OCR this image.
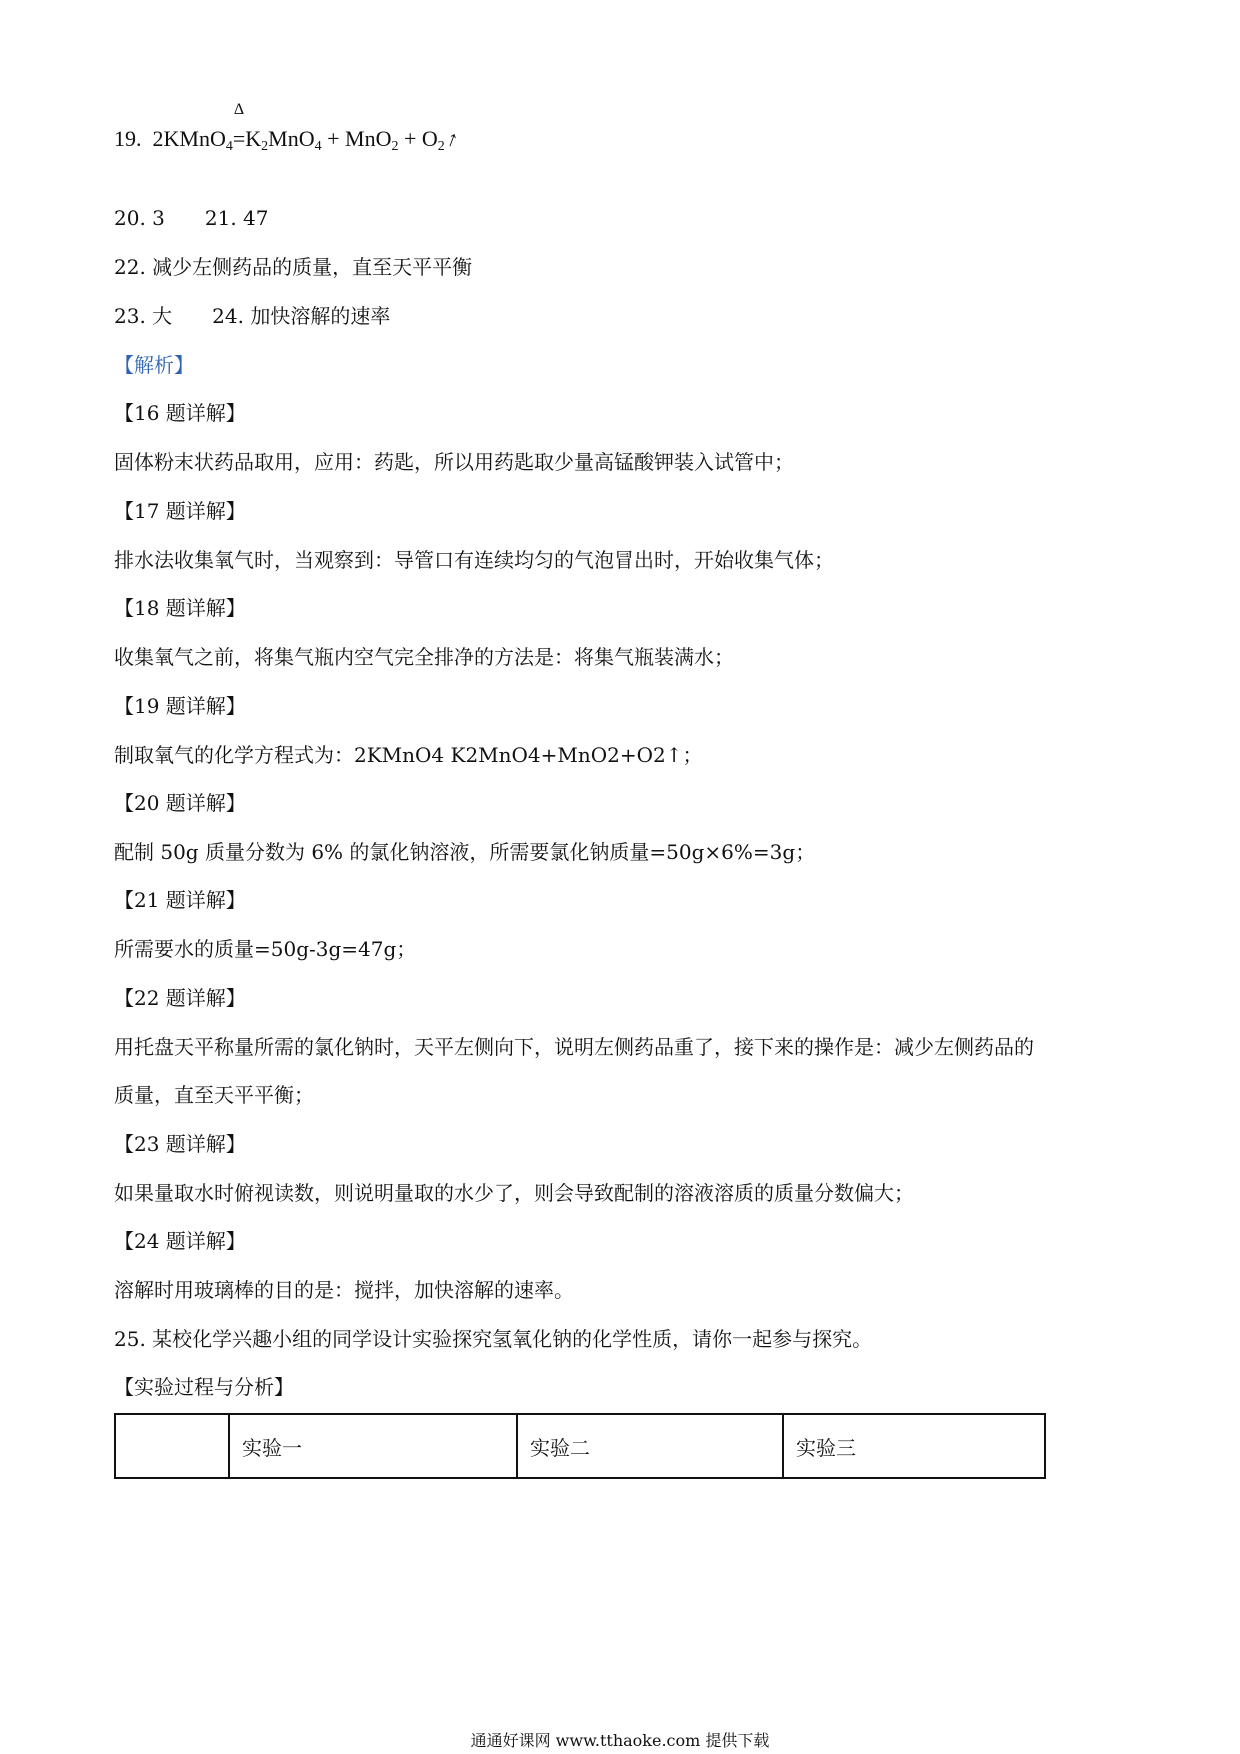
19. 2KMnO$_4$
Δ
$=K_2MnO_4 + MnO_2$ + $O_2↑$
20. 3 21. 47
22. 减少左侧药品的质量，直至天平平衡
23. 大 24. 加快溶解的速率
【解析】
【16 题详解】
固体粉末状药品取用，应用：药匙，所以用药匙取少量高锰酸钾装入试管中；
【17 题详解】
排水法收集氧气时，当观察到：导管口有连续均匀的气泡冒出时，开始收集气体；
【18 题详解】
收集氧气之前，将集气瓶内空气完全排净的方法是：将集气瓶装满水；
【19 题详解】
制取氧气的化学方程式为：2KMnO4 K2MnO4+MnO2+O2↑；
【20 题详解】
配制 50g 质量分数为 6% 的氯化钠溶液，所需要氯化钠质量=50g×6%=3g；
【21 题详解】
所需要水的质量=50g-3g=47g；
【22 题详解】
用托盘天平称量所需的氯化钠时，天平左侧向下，说明左侧药品重了，接下来的操作是：减少左侧药品的
质量，直至天平平衡；
【23 题详解】
如果量取水时俯视读数，则说明量取的水少了，则会导致配制的溶液溶质的质量分数偏大；
【24 题详解】
溶解时用玻璃棒的目的是：搅拌，加快溶解的速率。
25. 某校化学兴趣小组的同学设计实验探究氢氧化钠的化学性质，请你一起参与探究。
【实验过程与分析】
	实验一	实验二	实验三
通通好课网 www.tthaoke.com 提供下载
